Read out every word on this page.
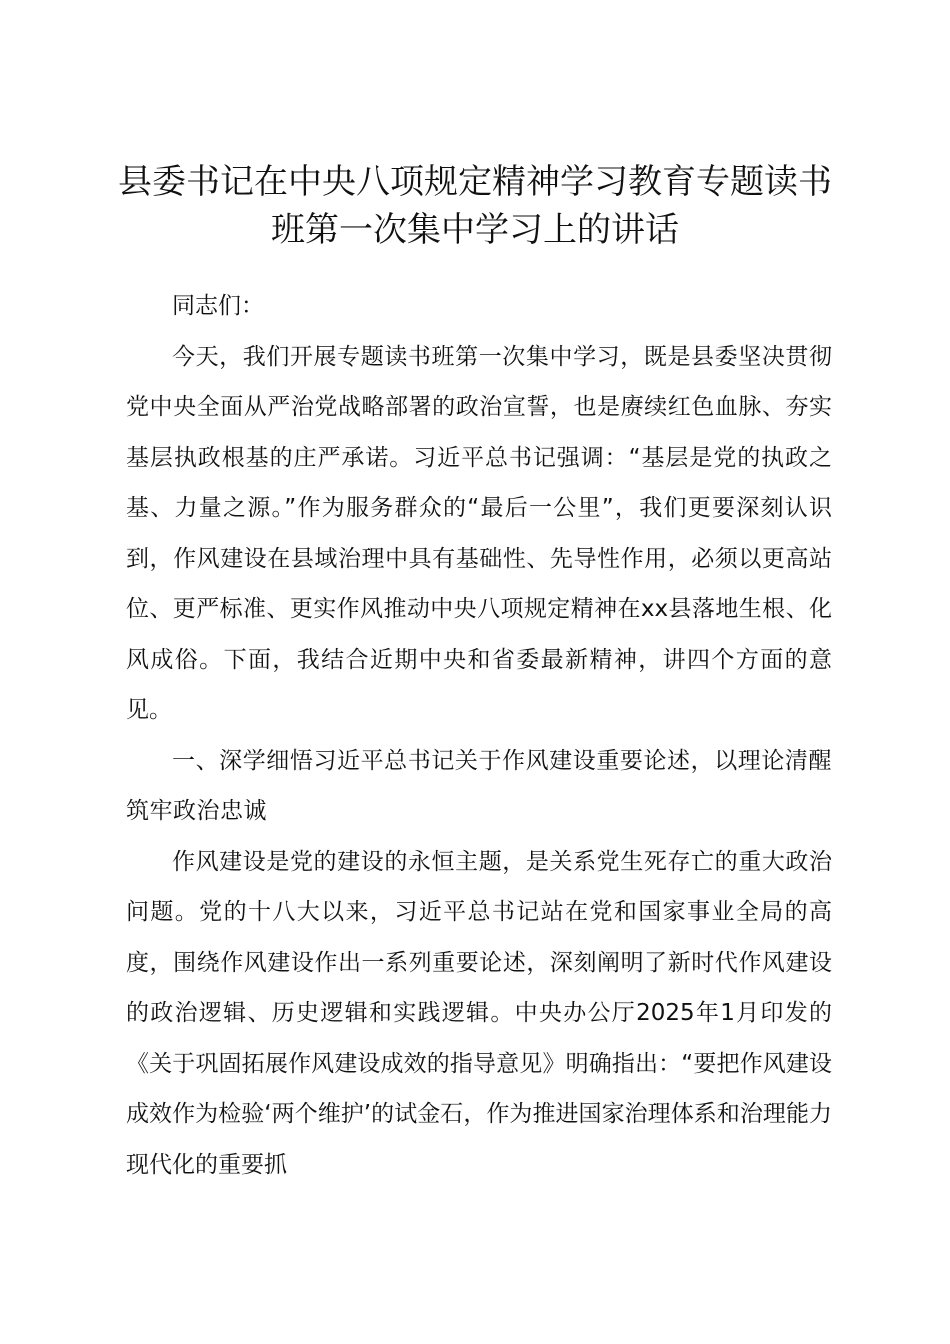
县委书记在中央八项规定精神学习教育专题读书班第一次集中学习上的讲话

同志们：

今天，我们开展专题读书班第一次集中学习，既是县委坚决贯彻党中央全面从严治党战略部署的政治宣誓，也是赓续红色血脉、夯实基层执政根基的庄严承诺。习近平总书记强调：“基层是党的执政之基、力量之源。”作为服务群众的“最后一公里”，我们更要深刻认识到，作风建设在县域治理中具有基础性、先导性作用，必须以更高站位、更严标准、更实作风推动中央八项规定精神在xx县落地生根、化风成俗。下面，我结合近期中央和省委最新精神，讲四个方面的意见。

一、深学细悟习近平总书记关于作风建设重要论述，以理论清醒筑牢政治忠诚

作风建设是党的建设的永恒主题，是关系党生死存亡的重大政治问题。党的十八大以来，习近平总书记站在党和国家事业全局的高度，围绕作风建设作出一系列重要论述，深刻阐明了新时代作风建设的政治逻辑、历史逻辑和实践逻辑。中央办公厅2025年1月印发的《关于巩固拓展作风建设成效的指导意见》明确指出：“要把作风建设成效作为检验‘两个维护’的试金石，作为推进国家治理体系和治理能力现代化的重要抓
